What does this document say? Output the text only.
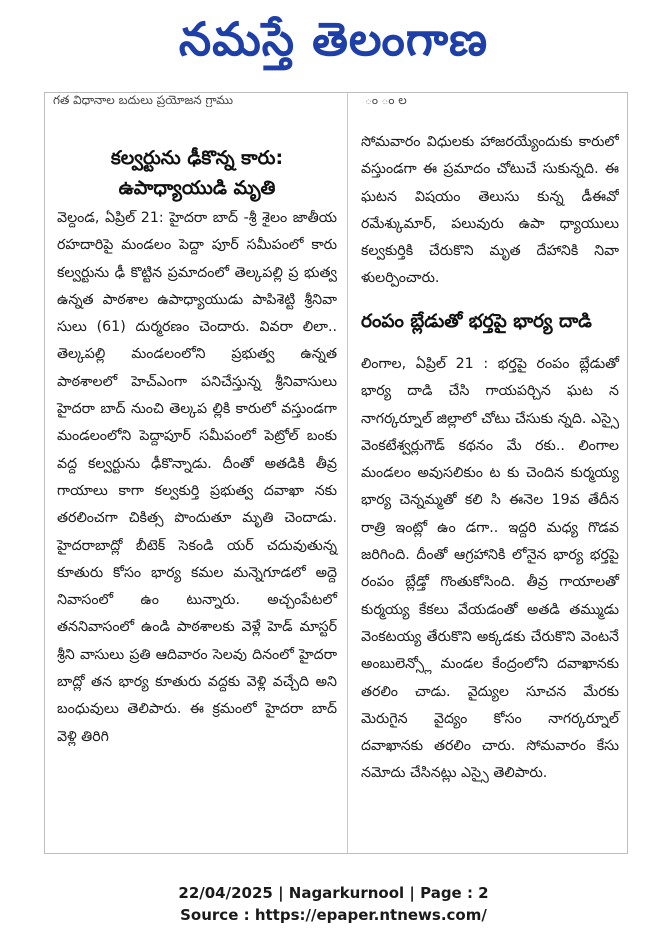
నమస్తే తెలంగాణ
గత విధానాల బదులు ప్రయోజన గ్రాము	ం ం ల
కల్వర్టును ఢీకొన్న కారు:
ఉపాధ్యాయుడి మృతి
వెల్దండ, ఏప్రిల్ 21: హైదరా బాద్ -శ్రీ శైలం జాతీయ రహదారిపై మండలం పెద్దా పూర్ సమీపంలో కారు కల్వర్టును ఢీ కొట్టిన ప్రమాదంలో తెల్కపల్లి ప్ర భుత్వ ఉన్నత పాఠశాల ఉపాధ్యాయుడు పాపిశెట్టి శ్రీనివా సులు (61) దుర్మరణం చెందారు. వివరా లిలా.. తెల్కపల్లి మండలంలోని ప్రభుత్వ ఉన్నత పాఠశాలలో హెచ్ఎంగా పనిచేస్తున్న శ్రీనివాసులు హైదరా బాద్ నుంచి తెల్కప ల్లికి కారులో వస్తుండగా మండలంలోని పెద్దాపూర్ సమీపంలో పెట్రోల్ బంకు వద్ద కల్వర్టును ఢీకొన్నాడు. దీంతో అతడికి తీవ్ర గాయాలు కాగా కల్వకుర్తి ప్రభుత్వ దవాఖా నకు తరలించగా చికిత్స పొందుతూ మృతి చెందాడు. హైదరాబాద్లో బీటెక్ సెకండి యర్ చదువుతున్న కూతురు కోసం భార్య కమల మన్నెగూడలో అద్దె నివాసంలో ఉం టున్నారు. అచ్చంపేటలో తననివాసంలో ఉండి పాఠశాలకు వెళ్లే హెడ్ మాస్టర్ శ్రీని వాసులు ప్రతి ఆదివారం సెలవు దినంలో హైదరా బాద్లో తన భార్య కూతురు వద్దకు వెళ్లి వచ్చేది అని బంధువులు తెలిపారు. ఈ క్రమంలో హైదరా బాద్ వెళ్లి తిరిగి
సోమవారం విధులకు హాజరయ్యేందుకు కారులో వస్తుండగా ఈ ప్రమాదం చోటుచే సుకున్నది. ఈ ఘటన విషయం తెలుసు కున్న డీఈవో రమేశ్కుమార్, పలువురు ఉపా ధ్యాయులు కల్వకుర్తికి చేరుకొని మృత దేహానికి నివా ళులర్పించారు.
రంపం బ్లేడుతో భర్తపై భార్య దాడి
లింగాల, ఏప్రిల్ 21 : భర్తపై రంపం బ్లేడుతో భార్య దాడి చేసి గాయపర్చిన ఘట న నాగర్కర్నూల్ జిల్లాలో చోటు చేసుకు న్నది. ఎస్సై వెంకటేశ్వర్లుగౌడ్ కథనం మే రకు.. లింగాల మండలం అవుసలికుం ట కు చెందిన కుర్మయ్య భార్య చెన్నమ్మతో కలి సి ఈనెల 19వ తేదీన రాత్రి ఇంట్లో ఉం డగా.. ఇద్దరి మధ్య గొడవ జరిగింది. దీంతో ఆగ్రహానికి లోనైన భార్య భర్తపై రంపం బ్లేడ్తో గొంతుకోసింది. తీవ్ర గాయాలతో కుర్మయ్య కేకలు వేయడంతో అతడి తమ్ముడు వెంకటయ్య తేరుకొని అక్కడకు చేరుకొని వెంటనే అంబులెన్స్లో మండల కేంద్రంలోని దవాఖానకు తరలిం చాడు. వైద్యుల సూచన మేరకు మెరుగైన వైద్యం కోసం నాగర్కర్నూల్ దవాఖానకు తరలిం చారు. సోమవారం కేసు నమోదు చేసినట్లు ఎస్సై తెలిపారు.
22/04/2025 | Nagarkurnool | Page : 2
Source : https://epaper.ntnews.com/
